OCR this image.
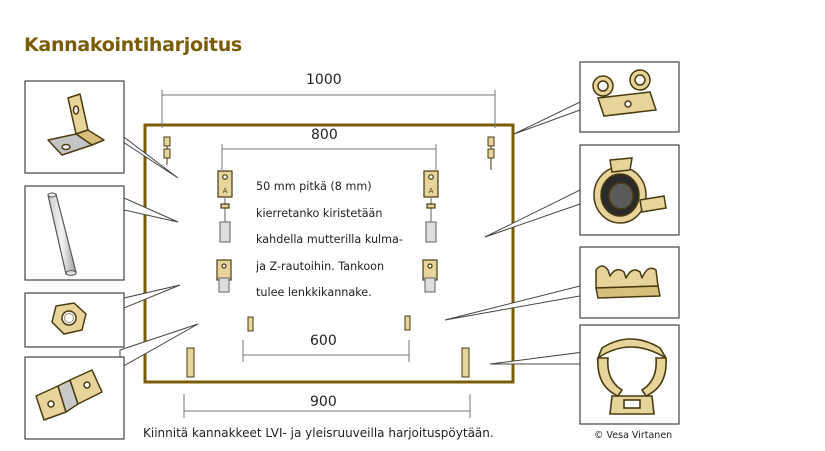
Kannakointiharjoitus
A	A
1000
800
600
900
50 mm pitkä (8 mm)
kierretanko kiristetään
kahdella mutterilla kulma-
ja Z-rautoihin. Tankoon
tulee lenkkikannake.
Kiinnitä kannakkeet LVI- ja yleisruuveilla harjoituspöytään.	© Vesa Virtanen
